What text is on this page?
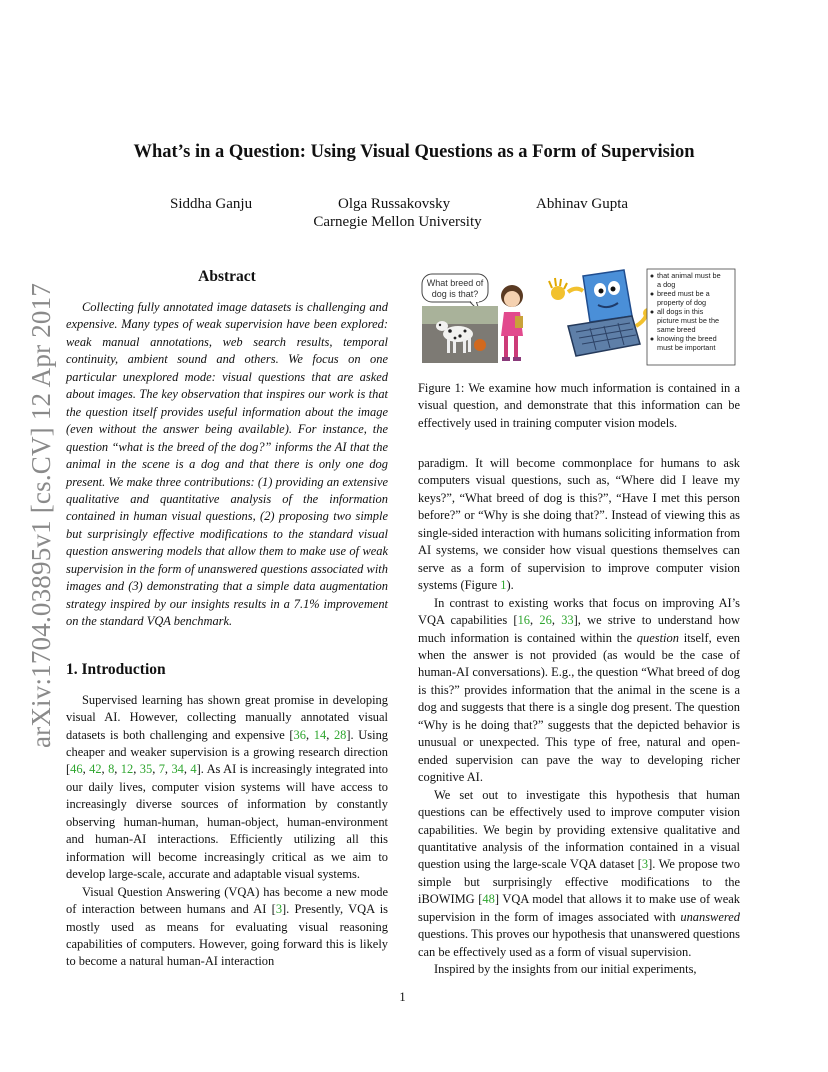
arXiv:1704.03895v1 [cs.CV] 12 Apr 2017
What’s in a Question: Using Visual Questions as a Form of Supervision
Siddha Ganju	Olga Russakovsky	Abhinav Gupta
Carnegie Mellon University
Abstract

Collecting fully annotated image datasets is challenging and expensive. Many types of weak supervision have been explored: weak manual annotations, web search results, temporal continuity, ambient sound and others. We focus on one particular unexplored mode: visual questions that are asked about images. The key observation that inspires our work is that the question itself provides useful information about the image (even without the answer being available). For instance, the question “what is the breed of the dog?” informs the AI that the animal in the scene is a dog and that there is only one dog present. We make three contributions: (1) providing an extensive qualitative and quantitative analysis of the information contained in human visual questions, (2) proposing two simple but surprisingly effective modifications to the standard visual question answering models that allow them to make use of weak supervision in the form of unanswered questions associated with images and (3) demonstrating that a simple data augmentation strategy inspired by our insights results in a 7.1% improvement on the standard VQA benchmark.

1. Introduction

Supervised learning has shown great promise in developing visual AI. However, collecting manually annotated visual datasets is both challenging and expensive [36, 14, 28]. Using cheaper and weaker supervision is a growing research direction [46, 42, 8, 12, 35, 7, 34, 4]. As AI is increasingly integrated into our daily lives, computer vision systems will have access to increasingly diverse sources of information by constantly observing human-human, human-object, human-environment and human-AI interactions. Efficiently utilizing all this information will become increasingly critical as we aim to develop large-scale, accurate and adaptable visual systems.

Visual Question Answering (VQA) has become a new mode of interaction between humans and AI [3]. Presently, VQA is mostly used as means for evaluating visual reasoning capabilities of computers. However, going forward this is likely to become a natural human-AI interaction

What breed of
dog is that?
that animal must be
a dog
breed must be a
property of dog
all dogs in this
picture must be the
same breed
knowing the breed
must be important

Figure 1: We examine how much information is contained in a visual question, and demonstrate that this information can be effectively used in training computer vision models.

paradigm. It will become commonplace for humans to ask computers visual questions, such as, “Where did I leave my keys?”, “What breed of dog is this?”, “Have I met this person before?” or “Why is she doing that?”. Instead of viewing this as single-sided interaction with humans soliciting information from AI systems, we consider how visual questions themselves can serve as a form of supervision to improve computer vision systems (Figure 1).

In contrast to existing works that focus on improving AI’s VQA capabilities [16, 26, 33], we strive to understand how much information is contained within the question itself, even when the answer is not provided (as would be the case of human-AI conversations). E.g., the question “What breed of dog is this?” provides information that the animal in the scene is a dog and suggests that there is a single dog present. The question “Why is he doing that?” suggests that the depicted behavior is unusual or unexpected. This type of free, natural and open-ended supervision can pave the way to developing richer cognitive AI.

We set out to investigate this hypothesis that human questions can be effectively used to improve computer vision capabilities. We begin by providing extensive qualitative and quantitative analysis of the information contained in a visual question using the large-scale VQA dataset [3]. We propose two simple but surprisingly effective modifications to the iBOWIMG [48] VQA model that allows it to make use of weak supervision in the form of images associated with unanswered questions. This proves our hypothesis that unanswered questions can be effectively used as a form of visual supervision.

Inspired by the insights from our initial experiments,

1
